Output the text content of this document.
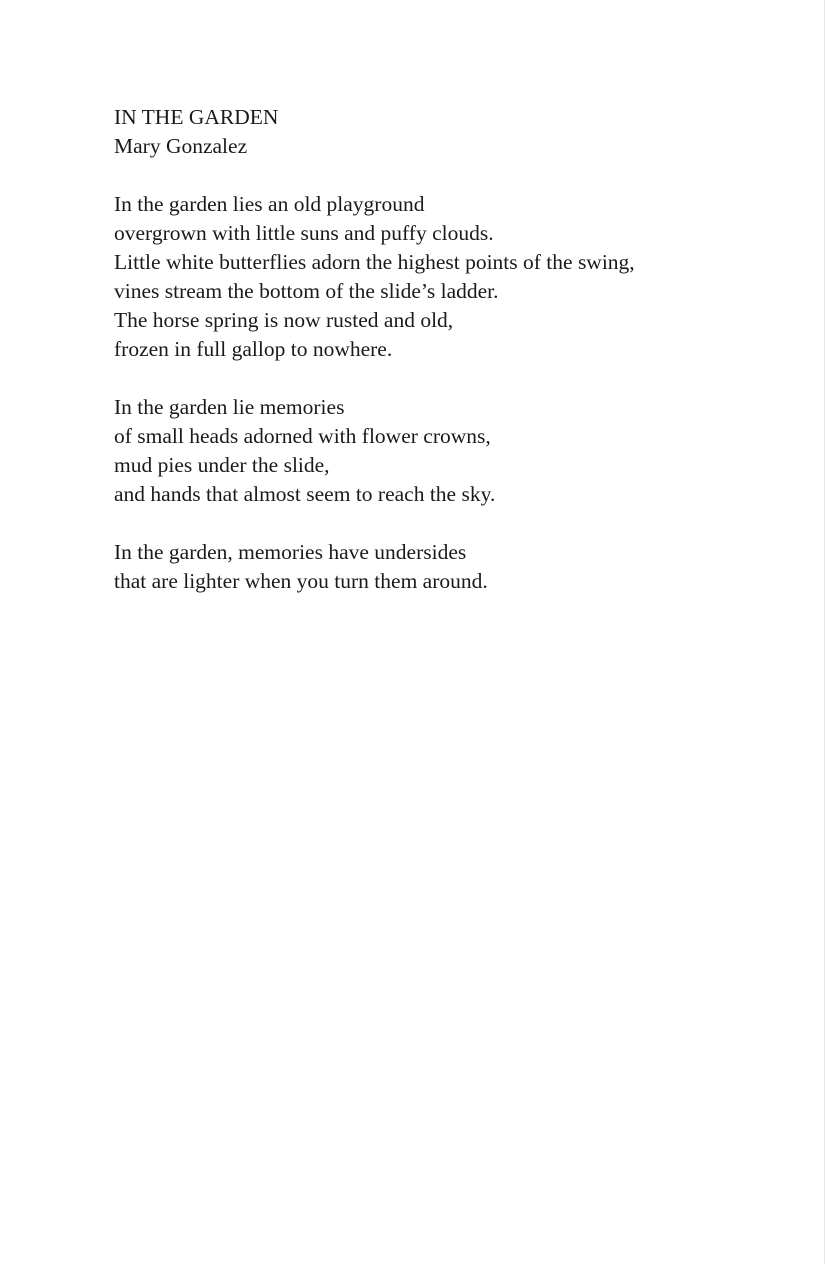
IN THE GARDEN
Mary Gonzalez
In the garden lies an old playground
overgrown with little suns and puffy clouds.
Little white butterflies adorn the highest points of the swing,
vines stream the bottom of the slide’s ladder.
The horse spring is now rusted and old,
frozen in full gallop to nowhere.
In the garden lie memories
of small heads adorned with flower crowns,
mud pies under the slide,
and hands that almost seem to reach the sky.
In the garden, memories have undersides
that are lighter when you turn them around.
